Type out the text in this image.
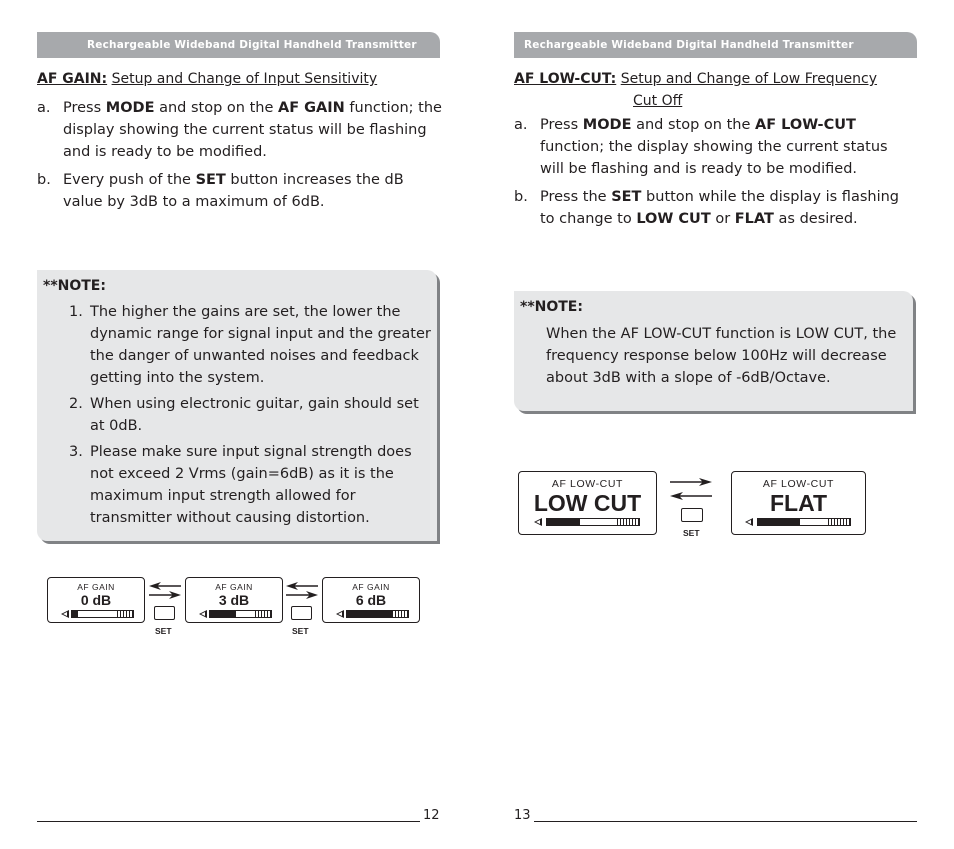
Rechargeable Wideband Digital Handheld Transmitter
AF GAIN: Setup and Change of Input Sensitivity
a. Press MODE and stop on the AF GAIN function; the display showing the current status will be flashing and is ready to be modified.
b. Every push of the SET button increases the dB value by 3dB to a maximum of 6dB.
**NOTE:
1. The higher the gains are set, the lower the dynamic range for signal input and the greater the danger of unwanted noises and feedback getting into the system.
2. When using electronic guitar, gain should set at 0dB.
3. Please make sure input signal strength does not exceed 2 Vrms (gain=6dB) as it is the maximum input strength allowed for transmitter without causing distortion.
AF GAIN
0 dB
AF GAIN
3 dB
AF GAIN
6 dB
SET	SET
12
Rechargeable Wideband Digital Handheld Transmitter
AF LOW-CUT: Setup and Change of Low Frequency
Cut Off
a. Press MODE and stop on the AF LOW-CUT function; the display showing the current status will be flashing and is ready to be modified.
b. Press the SET button while the display is flashing to change to LOW CUT or FLAT as desired.
**NOTE:
When the AF LOW-CUT function is LOW CUT, the frequency response below 100Hz will decrease about 3dB with a slope of -6dB/Octave.
AF LOW-CUT
LOW CUT
AF LOW-CUT
FLAT
SET
13
